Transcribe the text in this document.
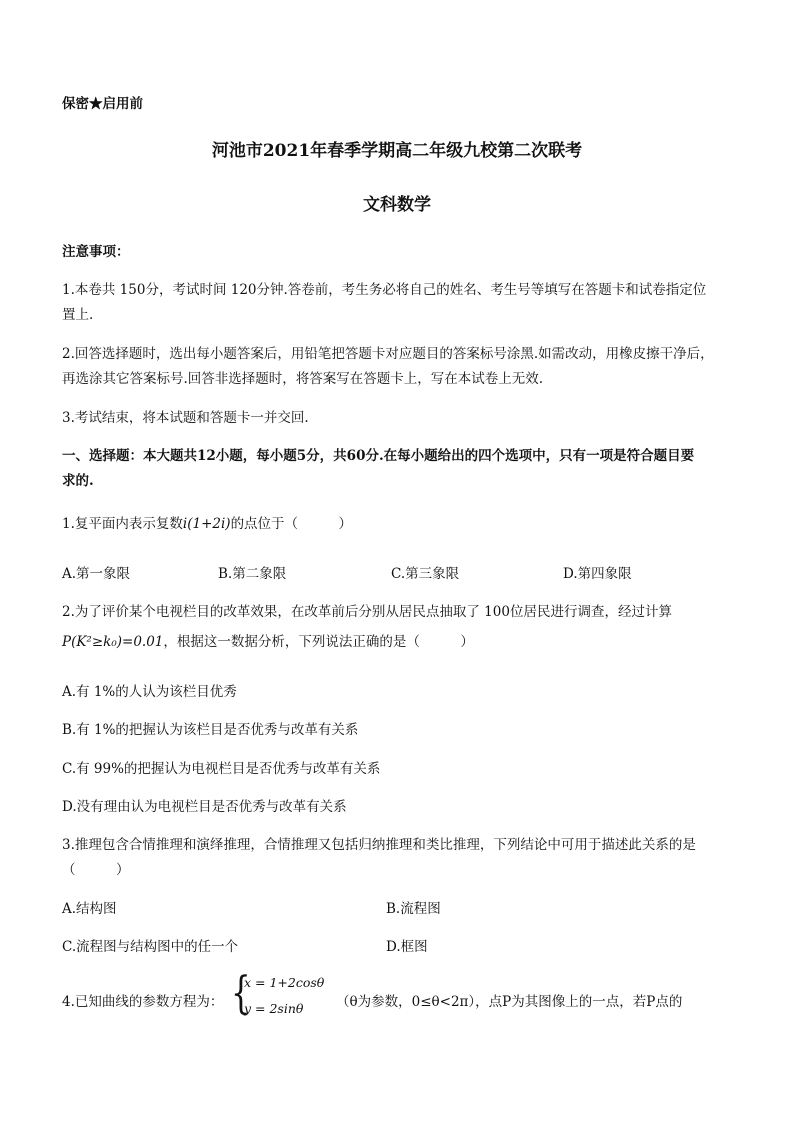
保密★启用前
河池市2021年春季学期高二年级九校第二次联考
文科数学
注意事项：
1.本卷共 150分，考试时间 120分钟.答卷前，考生务必将自己的姓名、考生号等填写在答题卡和试卷指定位
置上.
2.回答选择题时，选出每小题答案后，用铅笔把答题卡对应题目的答案标号涂黑.如需改动，用橡皮擦干净后，
再选涂其它答案标号.回答非选择题时，将答案写在答题卡上，写在本试卷上无效.
3.考试结束，将本试题和答题卡一并交回.
一、选择题：本大题共12小题，每小题5分，共60分.在每小题给出的四个选项中，只有一项是符合题目要
求的.
1.复平面内表示复数i(1+2i)的点位于（　　　）
A.第一象限	B.第二象限	C.第三象限	D.第四象限
2.为了评价某个电视栏目的改革效果，在改革前后分别从居民点抽取了 100位居民进行调查，经过计算
P(K²≥k₀)=0.01，根据这一数据分析，下列说法正确的是（　　　）
A.有 1%的人认为该栏目优秀
B.有 1%的把握认为该栏目是否优秀与改革有关系
C.有 99%的把握认为电视栏目是否优秀与改革有关系
D.没有理由认为电视栏目是否优秀与改革有关系
3.推理包含合情推理和演绎推理，合情推理又包括归纳推理和类比推理，下列结论中可用于描述此关系的是
（　　　）
A.结构图	B.流程图
C.流程图与结构图中的任一个	D.框图
4.已知曲线的参数方程为： {
x = 1+2cosθ
y = 2sinθ （θ为参数，0≤θ<2π），点P为其图像上的一点，若P点的
